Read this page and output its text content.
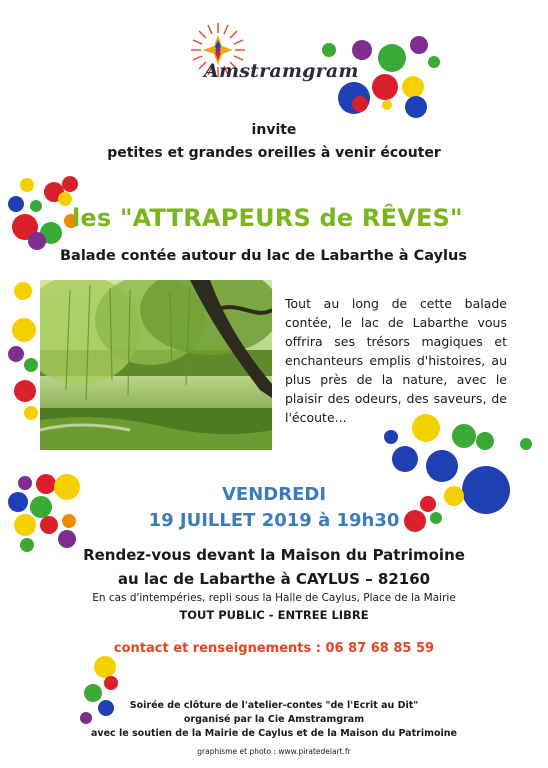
Amstramgram
invite
petites et grandes oreilles à venir écouter
les "ATTRAPEURS de RÊVES"
Balade contée autour du lac de Labarthe à Caylus
Tout au long de cette balade contée, le lac de Labarthe vous offrira ses trésors magiques et enchanteurs emplis d'histoires, au plus près de la nature, avec le plaisir des odeurs, des saveurs, de l'écoute...
VENDREDI
19 JUILLET 2019 à 19h30
Rendez-vous devant la Maison du Patrimoine
au lac de Labarthe à CAYLUS – 82160
En cas d'intempéries, repli sous la Halle de Caylus, Place de la Mairie
TOUT PUBLIC - ENTREE LIBRE
contact et renseignements : 06 87 68 85 59
Soirée de clôture de l'atelier-contes "de l'Ecrit au Dit"
organisé par la Cie Amstramgram
avec le soutien de la Mairie de Caylus et de la Maison du Patrimoine
graphisme et photo : www.piratedelart.fr
